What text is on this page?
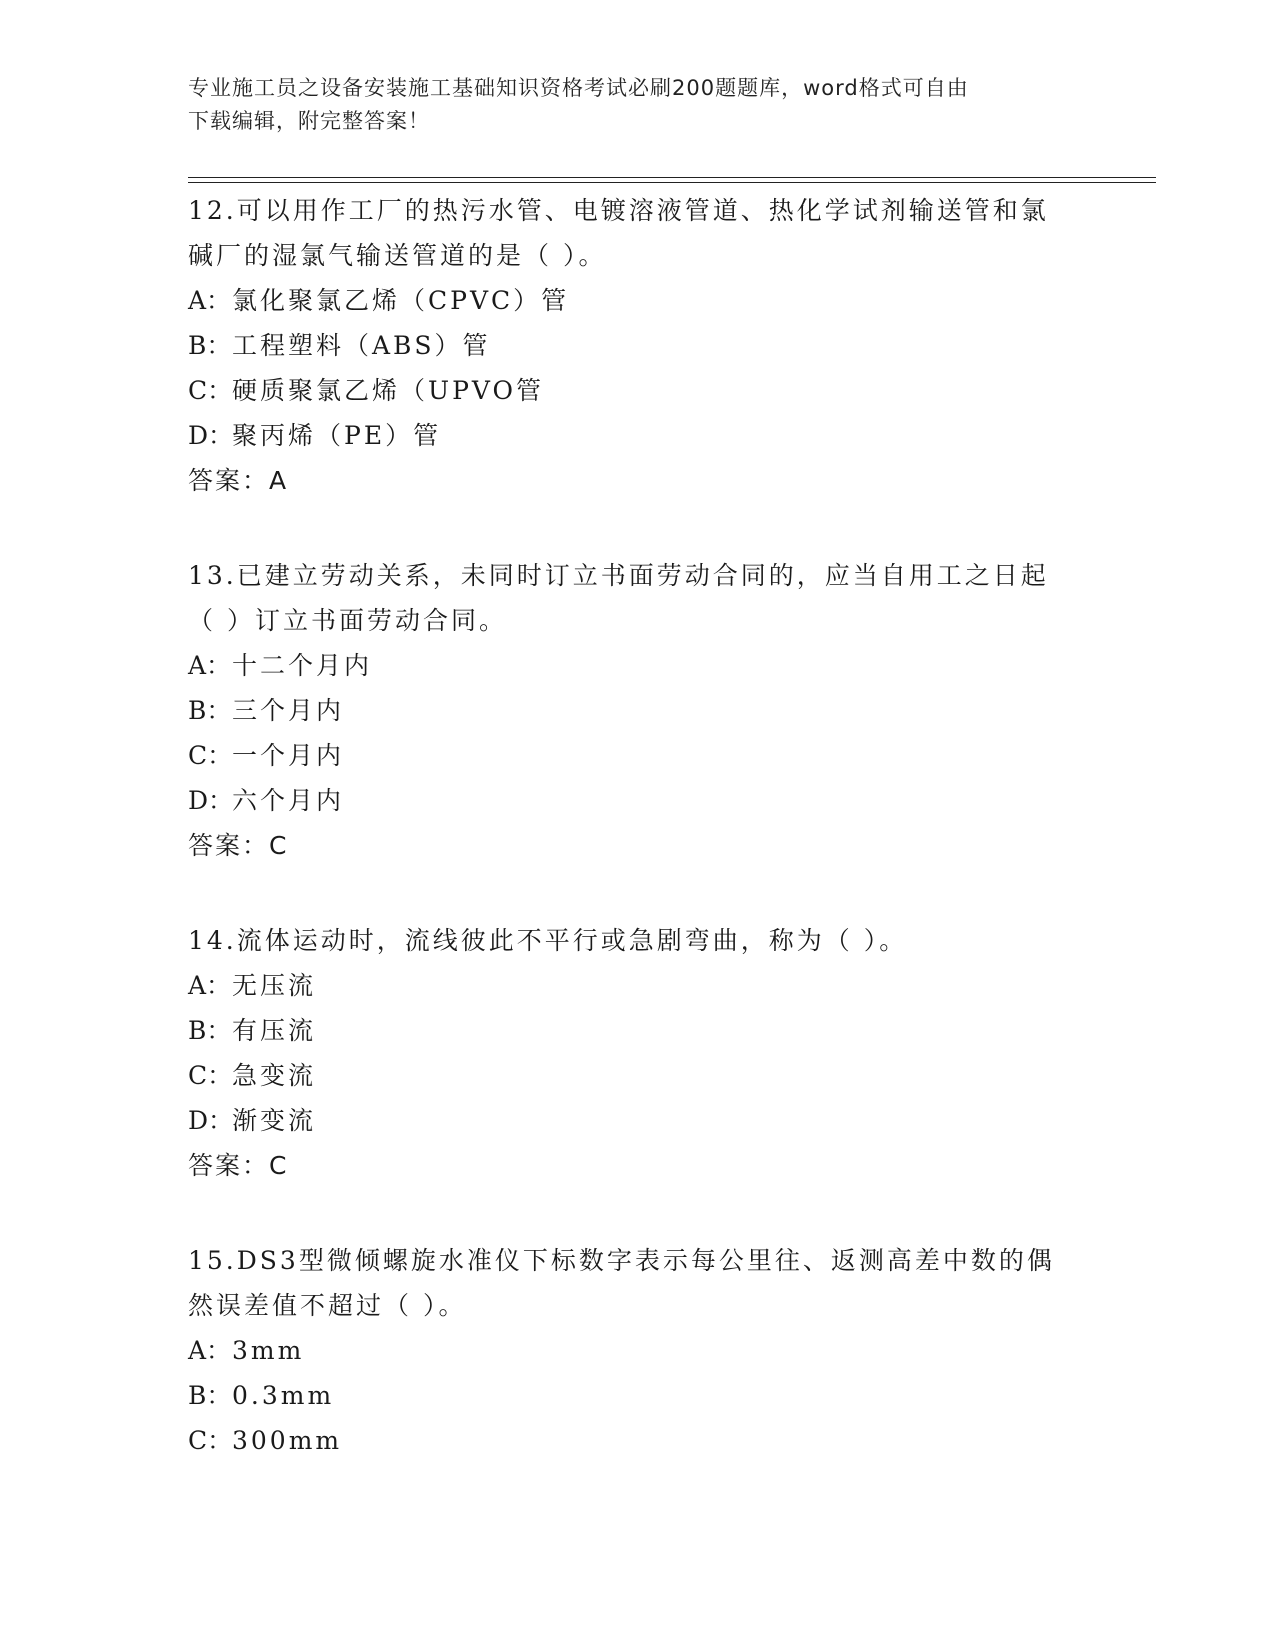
专业施工员之设备安装施工基础知识资格考试必刷200题题库，word格式可自由
下载编辑，附完整答案！

12.可以用作工厂的热污水管、电镀溶液管道、热化学试剂输送管和氯

碱厂的湿氯气输送管道的是（ ）。

A：氯化聚氯乙烯（CPVC）管

B：工程塑料（ABS）管

C：硬质聚氯乙烯（UPVO管

D：聚丙烯（PE）管

答案：A

13.已建立劳动关系，未同时订立书面劳动合同的，应当自用工之日起

（ ）订立书面劳动合同。

A：十二个月内

B：三个月内

C：一个月内

D：六个月内

答案：C

14.流体运动时，流线彼此不平行或急剧弯曲，称为（ ）。

A：无压流

B：有压流

C：急变流

D：渐变流

答案：C

15.DS3型微倾螺旋水准仪下标数字表示每公里往、返测高差中数的偶

然误差值不超过（ ）。

A：3mm

B：0.3mm

C：300mm
